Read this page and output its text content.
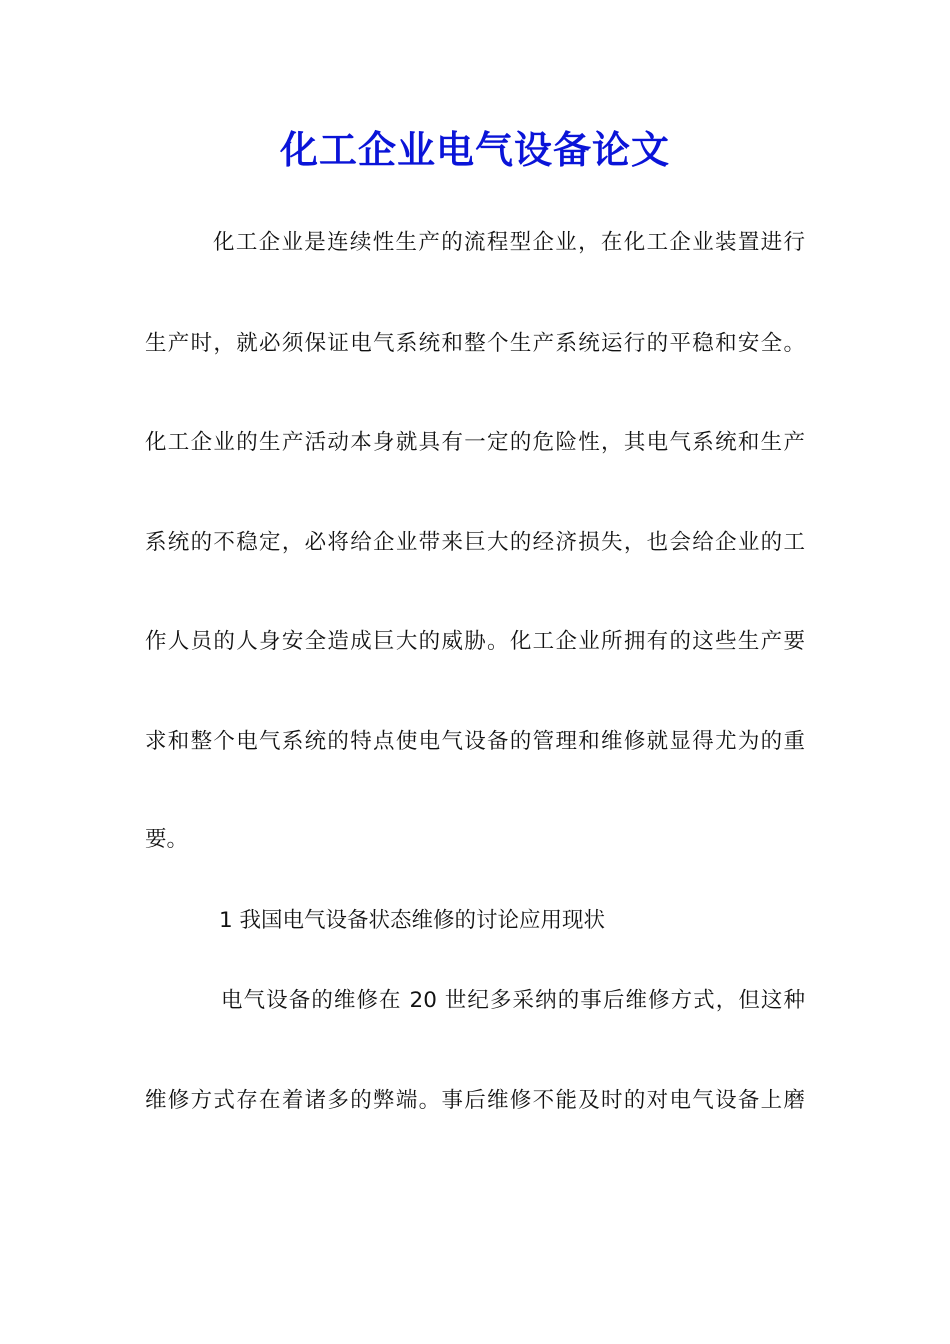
化工企业电气设备论文

化工企业是连续性生产的流程型企业，在化工企业装置进行

生产时，就必须保证电气系统和整个生产系统运行的平稳和安全。

化工企业的生产活动本身就具有一定的危险性，其电气系统和生产

系统的不稳定，必将给企业带来巨大的经济损失，也会给企业的工

作人员的人身安全造成巨大的威胁。化工企业所拥有的这些生产要

求和整个电气系统的特点使电气设备的管理和维修就显得尤为的重

要。

1 我国电气设备状态维修的讨论应用现状

电气设备的维修在 20 世纪多采纳的事后维修方式，但这种

维修方式存在着诸多的弊端。事后维修不能及时的对电气设备上磨
